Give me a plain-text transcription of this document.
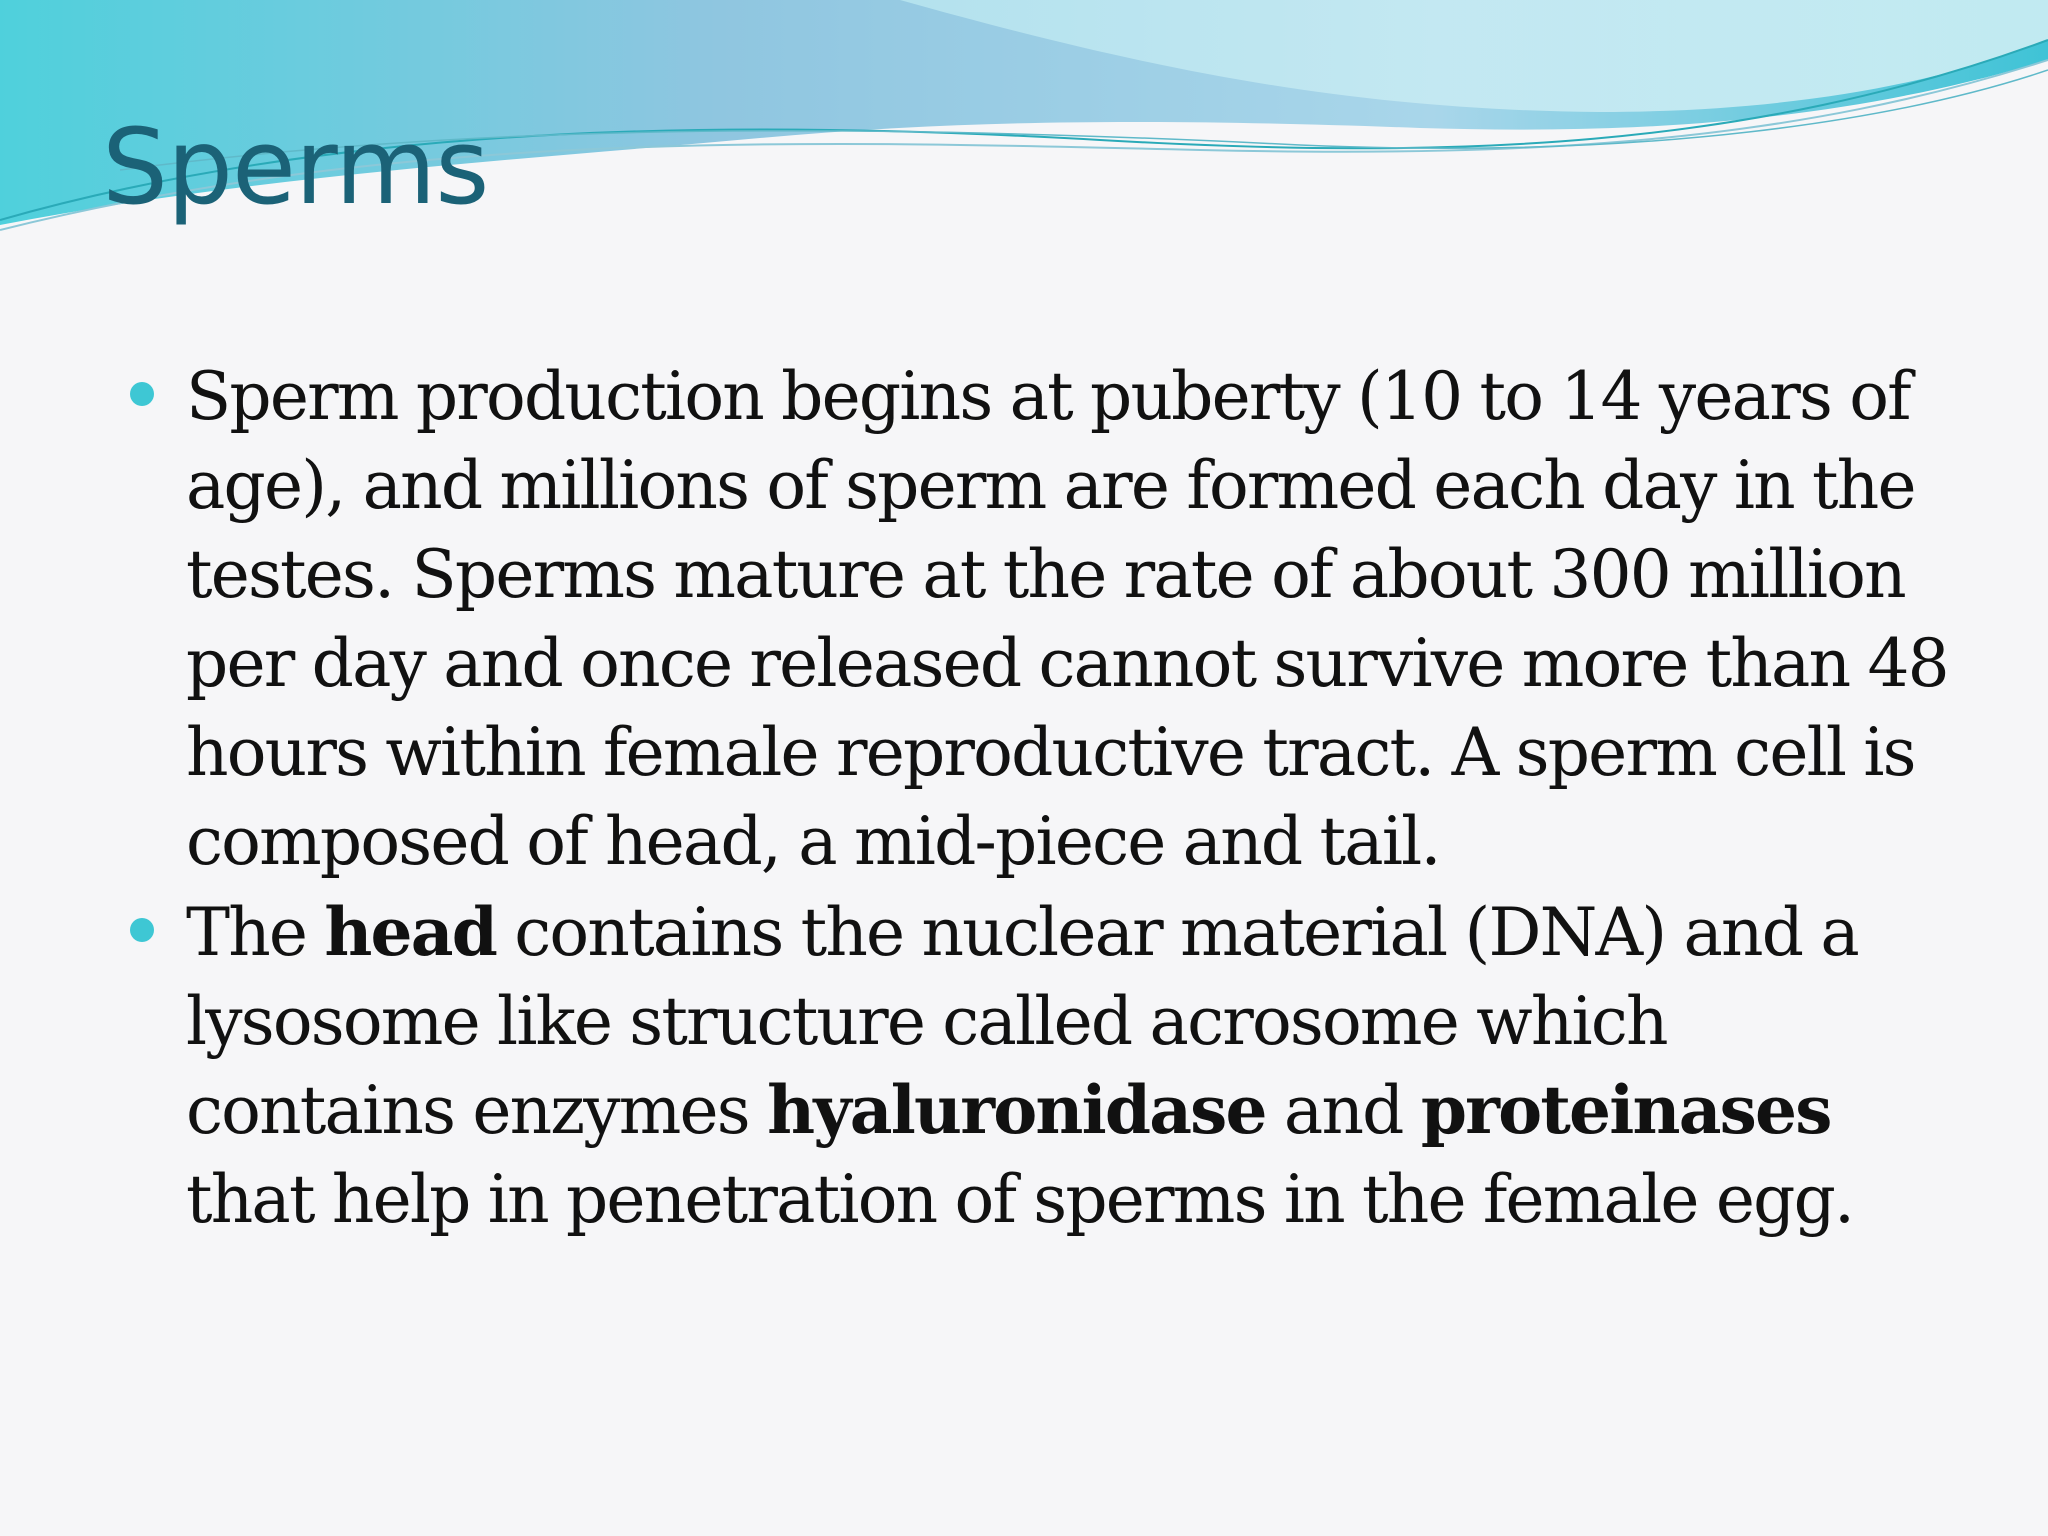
Sperms
Sperm production begins at puberty (10 to 14 years of
age), and millions of sperm are formed each day in the
testes. Sperms mature at the rate of about 300 million
per day and once released cannot survive more than 48
hours within female reproductive tract. A sperm cell is
composed of head, a mid-piece and tail.
The head contains the nuclear material (DNA) and a
lysosome like structure called acrosome which
contains enzymes hyaluronidase and proteinases
that help in penetration of sperms in the female egg.
